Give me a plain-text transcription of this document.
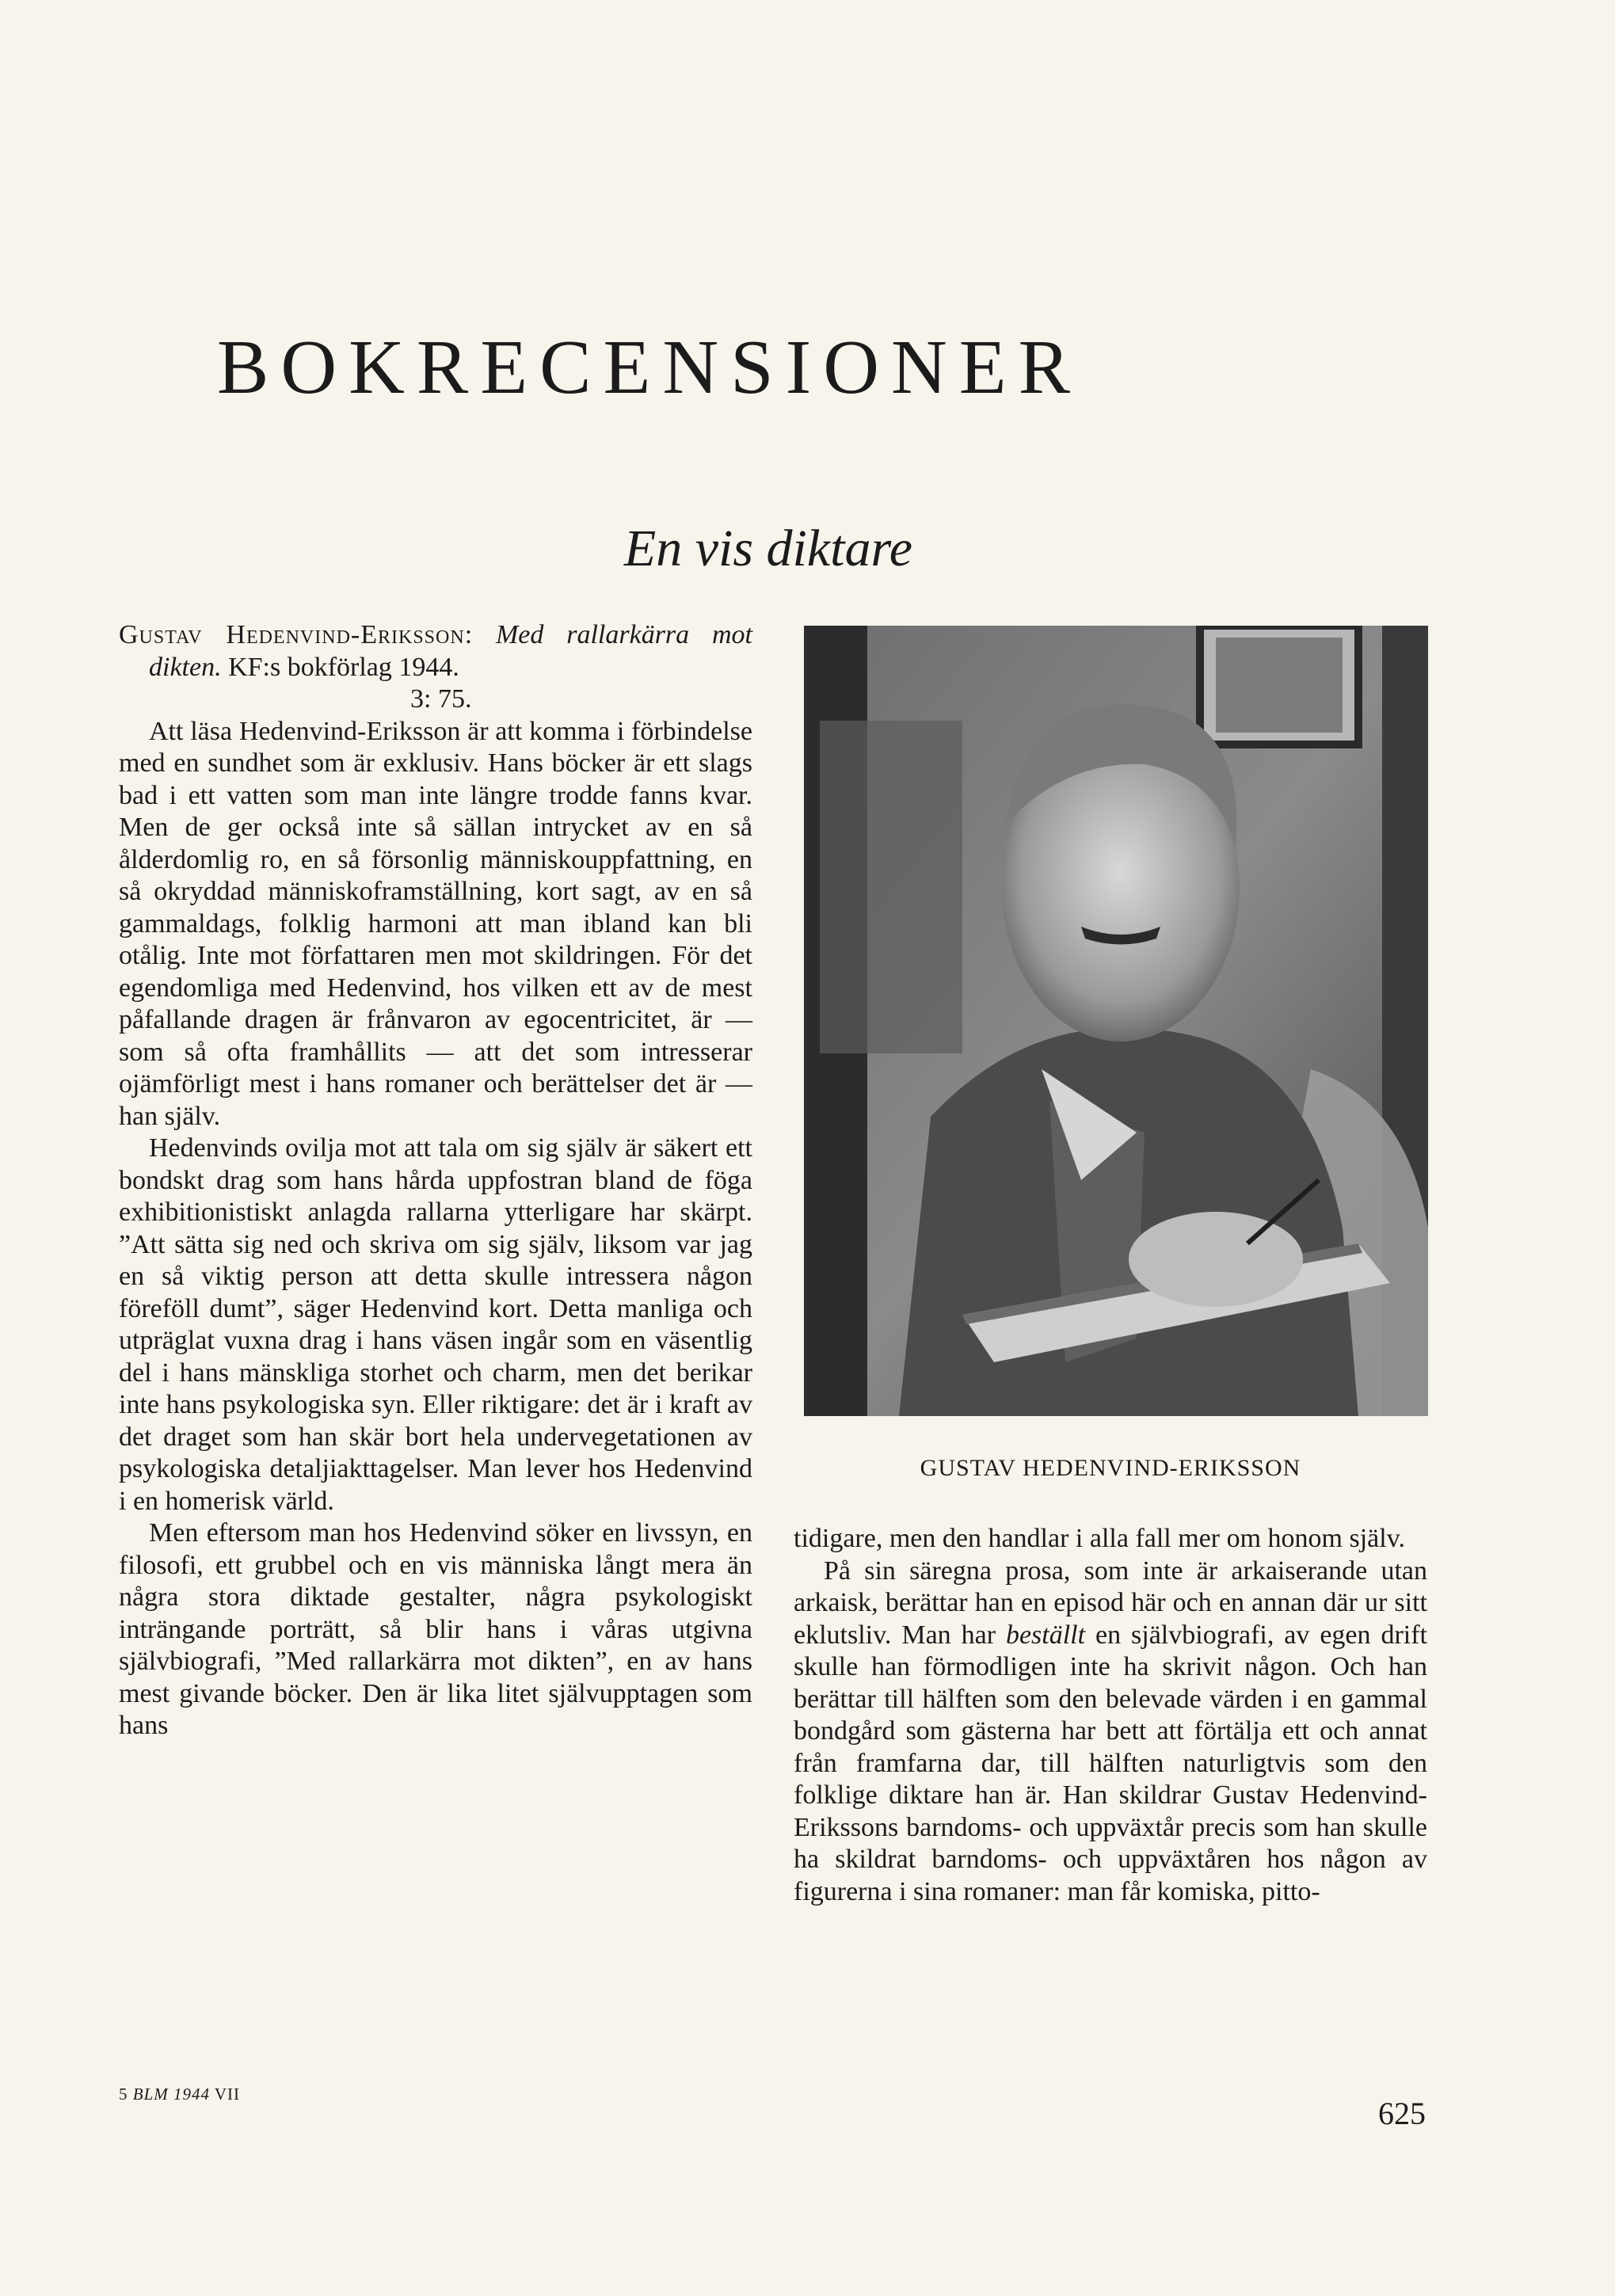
BOKRECENSIONER
En vis diktare

Gustav Hedenvind-Eriksson: Med rallarkärra mot dikten. KF:s bokförlag 1944.
3: 75.

Att läsa Hedenvind-Eriksson är att komma i förbindelse med en sundhet som är exklusiv. Hans böcker är ett slags bad i ett vatten som man inte längre trodde fanns kvar. Men de ger också inte så sällan intrycket av en så ålderdomlig ro, en så försonlig människouppfattning, en så okryddad människoframställning, kort sagt, av en så gammaldags, folklig harmoni att man ibland kan bli otålig. Inte mot författaren men mot skildringen. För det egendomliga med Hedenvind, hos vilken ett av de mest påfallande dragen är frånvaron av egocentricitet, är — som så ofta framhållits — att det som intresserar ojämförligt mest i hans romaner och berättelser det är — han själv.

Hedenvinds ovilja mot att tala om sig själv är säkert ett bondskt drag som hans hårda uppfostran bland de föga exhibitionistiskt anlagda rallarna ytterligare har skärpt. ”Att sätta sig ned och skriva om sig själv, liksom var jag en så viktig person att detta skulle intressera någon föreföll dumt”, säger Hedenvind kort. Detta manliga och utpräglat vuxna drag i hans väsen ingår som en väsentlig del i hans mänskliga storhet och charm, men det berikar inte hans psykologiska syn. Eller riktigare: det är i kraft av det draget som han skär bort hela undervegetationen av psykologiska detaljiakttagelser. Man lever hos Hedenvind i en homerisk värld.

Men eftersom man hos Hedenvind söker en livssyn, en filosofi, ett grubbel och en vis människa långt mera än några stora diktade gestalter, några psykologiskt inträngande porträtt, så blir hans i våras utgivna självbiografi, ”Med rallarkärra mot dikten”, en av hans mest givande böcker. Den är lika litet självupptagen som hans

GUSTAV HEDENVIND-ERIKSSON

tidigare, men den handlar i alla fall mer om honom själv.

På sin säregna prosa, som inte är arkaiserande utan arkaisk, berättar han en episod här och en annan där ur sitt eklutsliv. Man har beställt en självbiografi, av egen drift skulle han förmodligen inte ha skrivit någon. Och han berättar till hälften som den belevade värden i en gammal bondgård som gästerna har bett att förtälja ett och annat från framfarna dar, till hälften naturligtvis som den folklige diktare han är. Han skildrar Gustav Hedenvind-Erikssons barndoms- och uppväxtår precis som han skulle ha skildrat barndoms- och uppväxtåren hos någon av figurerna i sina romaner: man får komiska, pitto-

5 BLM 1944 VII
625
